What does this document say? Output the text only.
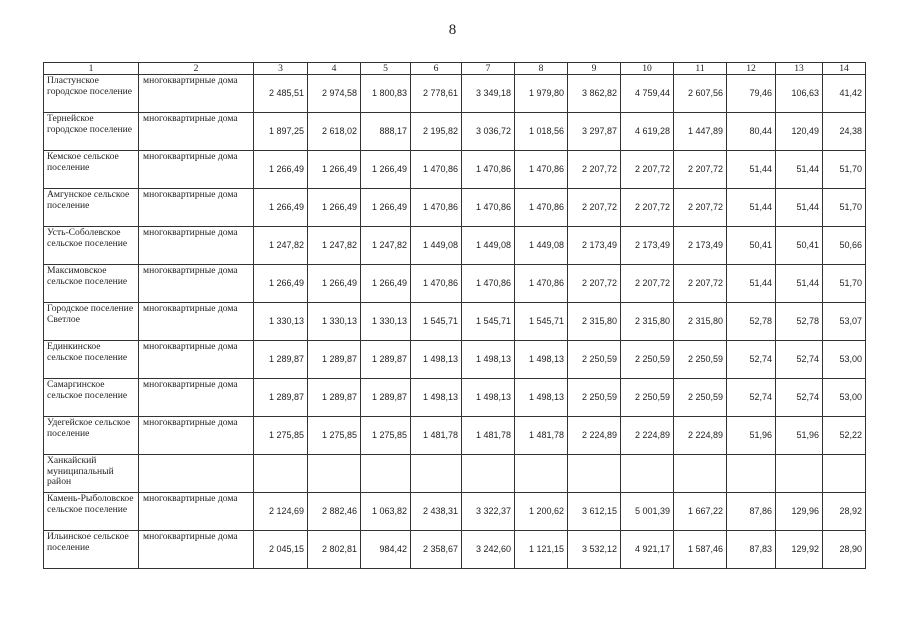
8
1	2	3	4	5	6	7	8	9	10	11	12	13	14
Пластунское городское поселение	многоквартирные дома	2 485,51	2 974,58	1 800,83	2 778,61	3 349,18	1 979,80	3 862,82	4 759,44	2 607,56	79,46	106,63	41,42
Тернейское городское поселение	многоквартирные дома	1 897,25	2 618,02	888,17	2 195,82	3 036,72	1 018,56	3 297,87	4 619,28	1 447,89	80,44	120,49	24,38
Кемское сельское поселение	многоквартирные дома	1 266,49	1 266,49	1 266,49	1 470,86	1 470,86	1 470,86	2 207,72	2 207,72	2 207,72	51,44	51,44	51,70
Амгунское сельское поселение	многоквартирные дома	1 266,49	1 266,49	1 266,49	1 470,86	1 470,86	1 470,86	2 207,72	2 207,72	2 207,72	51,44	51,44	51,70
Усть-Соболевское сельское поселение	многоквартирные дома	1 247,82	1 247,82	1 247,82	1 449,08	1 449,08	1 449,08	2 173,49	2 173,49	2 173,49	50,41	50,41	50,66
Максимовское сельское поселение	многоквартирные дома	1 266,49	1 266,49	1 266,49	1 470,86	1 470,86	1 470,86	2 207,72	2 207,72	2 207,72	51,44	51,44	51,70
Городское поселение Светлое	многоквартирные дома	1 330,13	1 330,13	1 330,13	1 545,71	1 545,71	1 545,71	2 315,80	2 315,80	2 315,80	52,78	52,78	53,07
Единкинское сельское поселение	многоквартирные дома	1 289,87	1 289,87	1 289,87	1 498,13	1 498,13	1 498,13	2 250,59	2 250,59	2 250,59	52,74	52,74	53,00
Самаргинское сельское поселение	многоквартирные дома	1 289,87	1 289,87	1 289,87	1 498,13	1 498,13	1 498,13	2 250,59	2 250,59	2 250,59	52,74	52,74	53,00
Удегейское сельское поселение	многоквартирные дома	1 275,85	1 275,85	1 275,85	1 481,78	1 481,78	1 481,78	2 224,89	2 224,89	2 224,89	51,96	51,96	52,22
Ханкайский муниципальный район													
Камень-Рыболовское сельское поселение	многоквартирные дома	2 124,69	2 882,46	1 063,82	2 438,31	3 322,37	1 200,62	3 612,15	5 001,39	1 667,22	87,86	129,96	28,92
Ильинское сельское поселение	многоквартирные дома	2 045,15	2 802,81	984,42	2 358,67	3 242,60	1 121,15	3 532,12	4 921,17	1 587,46	87,83	129,92	28,90
